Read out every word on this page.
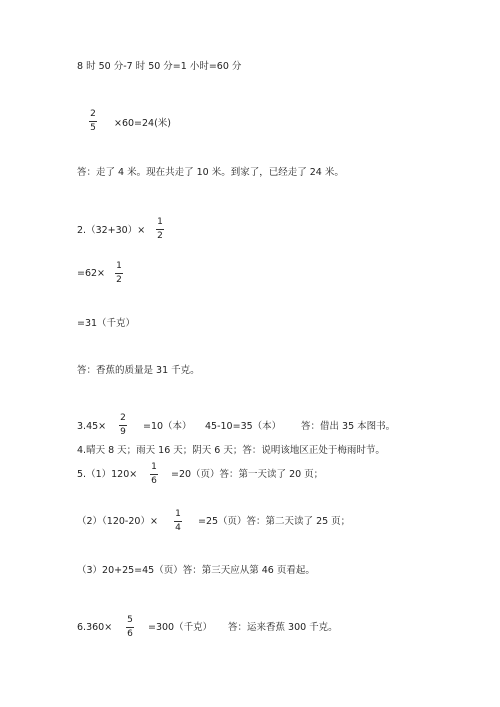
8 时 50 分-7 时 50 分=1 小时=60 分
2
5 ×60=24(米)
答：走了 4 米。现在共走了 10 米。到家了，已经走了 24 米。
2.（32+30）×
1
2
=62×
1
2
=31（千克）
答：香蕉的质量是 31 千克。
3.45×
2
9 =10（本） 45-10=35（本） 答：借出 35 本图书。
4.晴天 8 天；雨天 16 天；阴天 6 天；答：说明该地区正处于梅雨时节。
5.（1）120×
1
6
=20（页）答：第一天读了 20 页；
（2）（120-20）×
1
4
=25（页）答：第二天读了 25 页；
（3）20+25=45（页）答：第三天应从第 46 页看起。
6.360×
5
6
=300（千克） 答：运来香蕉 300 千克。
